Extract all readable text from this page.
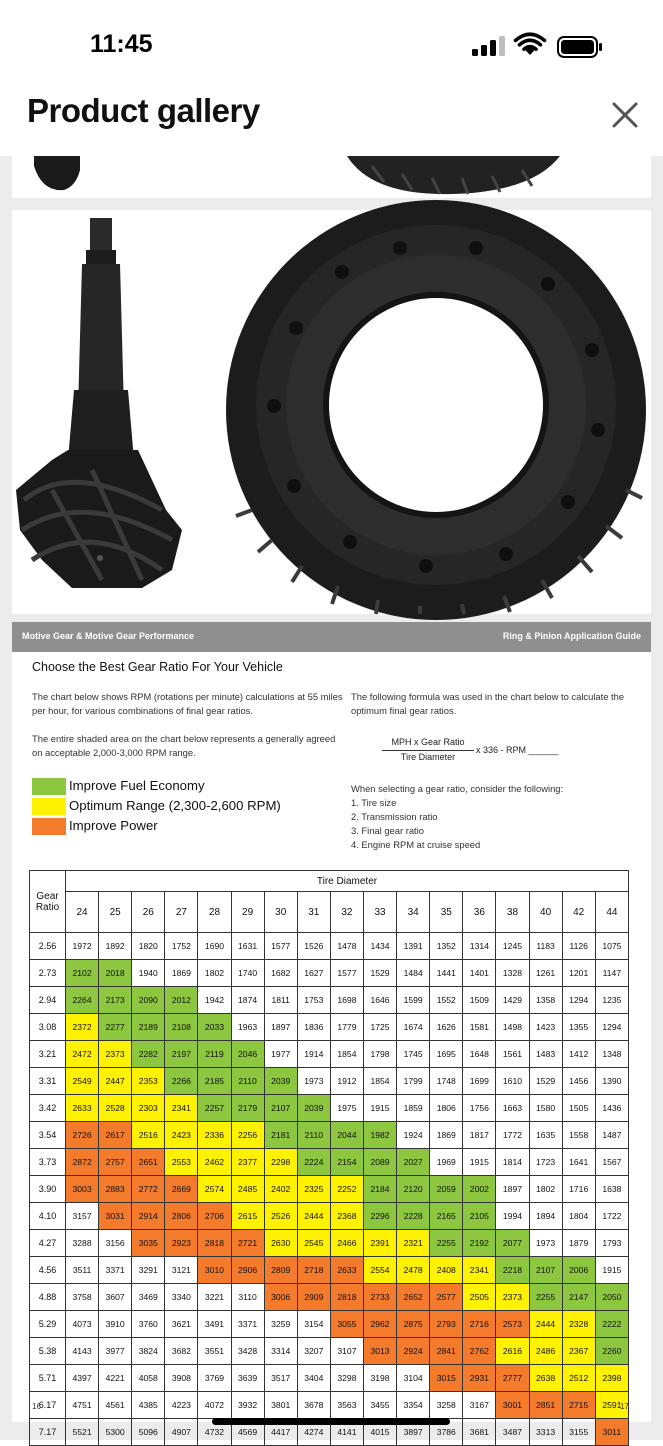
11:45
Product gallery
Motive Gear & Motive Gear Performance	Ring & Pinion Application Guide
Choose the Best Gear Ratio For Your Vehicle
The chart below shows RPM (rotations per minute) calculations at 55 miles
per hour, for various combinations of final gear ratios.
The entire shaded area on the chart below represents a generally agreed
on acceptable 2,000-3,000 RPM range.
The following formula was used in the chart below to calculate the
optimum final gear ratios.
MPH x Gear Ratio
Tire Diameter
x 336 - RPM ______
Improve Fuel Economy
Optimum Range (2,300-2,600 RPM)
Improve Power
When selecting a gear ratio, consider the following:
1. Tire size
2. Transmission ratio
3. Final gear ratio
4. Engine RPM at cruise speed
Gear
Ratio	Tire Diameter																
	24	25	26	27	28	29	30	31	32	33	34	35	36	38	40	42	44
2.56	1972	1892	1820	1752	1690	1631	1577	1526	1478	1434	1391	1352	1314	1245	1183	1126	1075
2.73	2102	2018	1940	1869	1802	1740	1682	1627	1577	1529	1484	1441	1401	1328	1261	1201	1147
2.94	2264	2173	2090	2012	1942	1874	1811	1753	1698	1646	1599	1552	1509	1429	1358	1294	1235
3.08	2372	2277	2189	2108	2033	1963	1897	1836	1779	1725	1674	1626	1581	1498	1423	1355	1294
3.21	2472	2373	2282	2197	2119	2046	1977	1914	1854	1798	1745	1695	1648	1561	1483	1412	1348
3.31	2549	2447	2353	2266	2185	2110	2039	1973	1912	1854	1799	1748	1699	1610	1529	1456	1390
3.42	2633	2528	2303	2341	2257	2179	2107	2039	1975	1915	1859	1806	1756	1663	1580	1505	1436
3.54	2726	2617	2516	2423	2336	2256	2181	2110	2044	1982	1924	1869	1817	1772	1635	1558	1487
3.73	2872	2757	2651	2553	2462	2377	2298	2224	2154	2089	2027	1969	1915	1814	1723	1641	1567
3.90	3003	2883	2772	2669	2574	2485	2402	2325	2252	2184	2120	2059	2002	1897	1802	1716	1638
4.10	3157	3031	2914	2806	2706	2615	2526	2444	2368	2296	2228	2165	2105	1994	1894	1804	1722
4.27	3288	3156	3035	2923	2818	2721	2630	2545	2466	2391	2321	2255	2192	2077	1973	1879	1793
4.56	3511	3371	3291	3121	3010	2906	2809	2718	2633	2554	2478	2408	2341	2218	2107	2006	1915
4.88	3758	3607	3469	3340	3221	3110	3006	2909	2818	2733	2652	2577	2505	2373	2255	2147	2050
5.29	4073	3910	3760	3621	3491	3371	3259	3154	3055	2962	2875	2793	2716	2573	2444	2328	2222
5.38	4143	3977	3824	3682	3551	3428	3314	3207	3107	3013	2924	2841	2762	2616	2486	2367	2260
5.71	4397	4221	4058	3908	3769	3639	3517	3404	3298	3198	3104	3015	2931	2777	2638	2512	2398
6.17	4751	4561	4385	4223	4072	3932	3801	3678	3563	3455	3354	3258	3167	3001	2851	2715	2591
7.17	5521	5300	5096	4907	4732	4569	4417	4274	4141	4015	3897	3786	3681	3487	3313	3155	3011
16	17
